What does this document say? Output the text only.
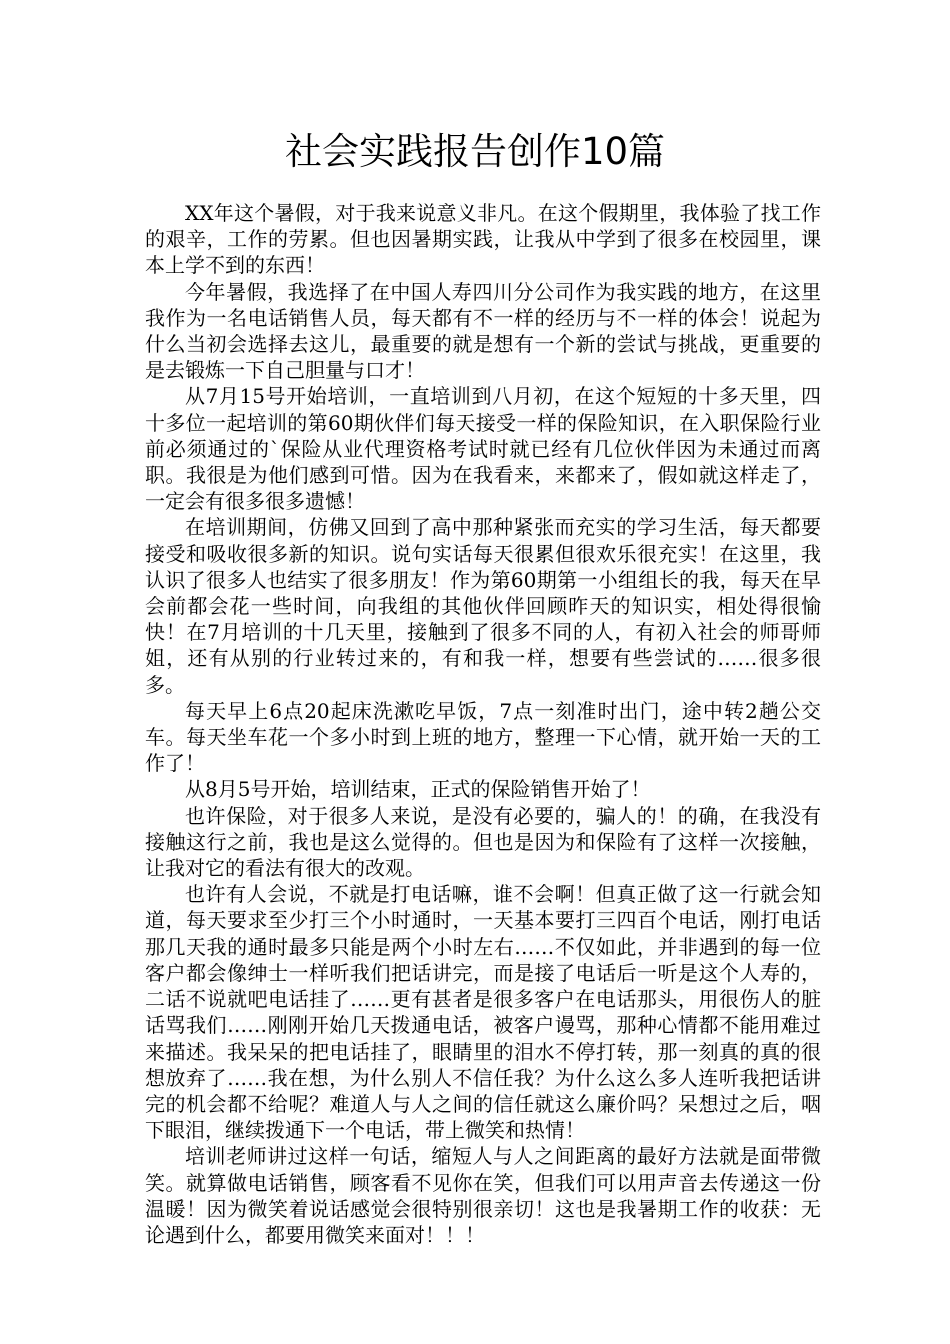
社会实践报告创作10篇

XX年这个暑假，对于我来说意义非凡。在这个假期里，我体验了找工作的艰辛，工作的劳累。但也因暑期实践，让我从中学到了很多在校园里，课本上学不到的东西！

今年暑假，我选择了在中国人寿四川分公司作为我实践的地方，在这里我作为一名电话销售人员，每天都有不一样的经历与不一样的体会！说起为什么当初会选择去这儿，最重要的就是想有一个新的尝试与挑战，更重要的是去锻炼一下自己胆量与口才！

从7月15号开始培训，一直培训到八月初，在这个短短的十多天里，四十多位一起培训的第60期伙伴们每天接受一样的保险知识，在入职保险行业前必须通过的`保险从业代理资格考试时就已经有几位伙伴因为未通过而离职。我很是为他们感到可惜。因为在我看来，来都来了，假如就这样走了，一定会有很多很多遗憾！

在培训期间，仿佛又回到了高中那种紧张而充实的学习生活，每天都要接受和吸收很多新的知识。说句实话每天很累但很欢乐很充实！在这里，我认识了很多人也结实了很多朋友！作为第60期第一小组组长的我，每天在早会前都会花一些时间，向我组的其他伙伴回顾昨天的知识实，相处得很愉快！在7月培训的十几天里，接触到了很多不同的人，有初入社会的师哥师姐，还有从别的行业转过来的，有和我一样，想要有些尝试的……很多很多。

每天早上6点20起床洗漱吃早饭，7点一刻准时出门，途中转2趟公交车。每天坐车花一个多小时到上班的地方，整理一下心情，就开始一天的工作了！

从8月5号开始，培训结束，正式的保险销售开始了！

也许保险，对于很多人来说，是没有必要的，骗人的！的确，在我没有接触这行之前，我也是这么觉得的。但也是因为和保险有了这样一次接触，让我对它的看法有很大的改观。

也许有人会说，不就是打电话嘛，谁不会啊！但真正做了这一行就会知道，每天要求至少打三个小时通时，一天基本要打三四百个电话，刚打电话那几天我的通时最多只能是两个小时左右……不仅如此，并非遇到的每一位客户都会像绅士一样听我们把话讲完，而是接了电话后一听是这个人寿的，二话不说就吧电话挂了……更有甚者是很多客户在电话那头，用很伤人的脏话骂我们……刚刚开始几天拨通电话，被客户谩骂，那种心情都不能用难过来描述。我呆呆的把电话挂了，眼睛里的泪水不停打转，那一刻真的真的很想放弃了……我在想，为什么别人不信任我？为什么这么多人连听我把话讲完的机会都不给呢？难道人与人之间的信任就这么廉价吗？呆想过之后，咽下眼泪，继续拨通下一个电话，带上微笑和热情！

培训老师讲过这样一句话，缩短人与人之间距离的最好方法就是面带微笑。就算做电话销售，顾客看不见你在笑，但我们可以用声音去传递这一份温暖！因为微笑着说话感觉会很特别很亲切！这也是我暑期工作的收获：无论遇到什么，都要用微笑来面对！！！
